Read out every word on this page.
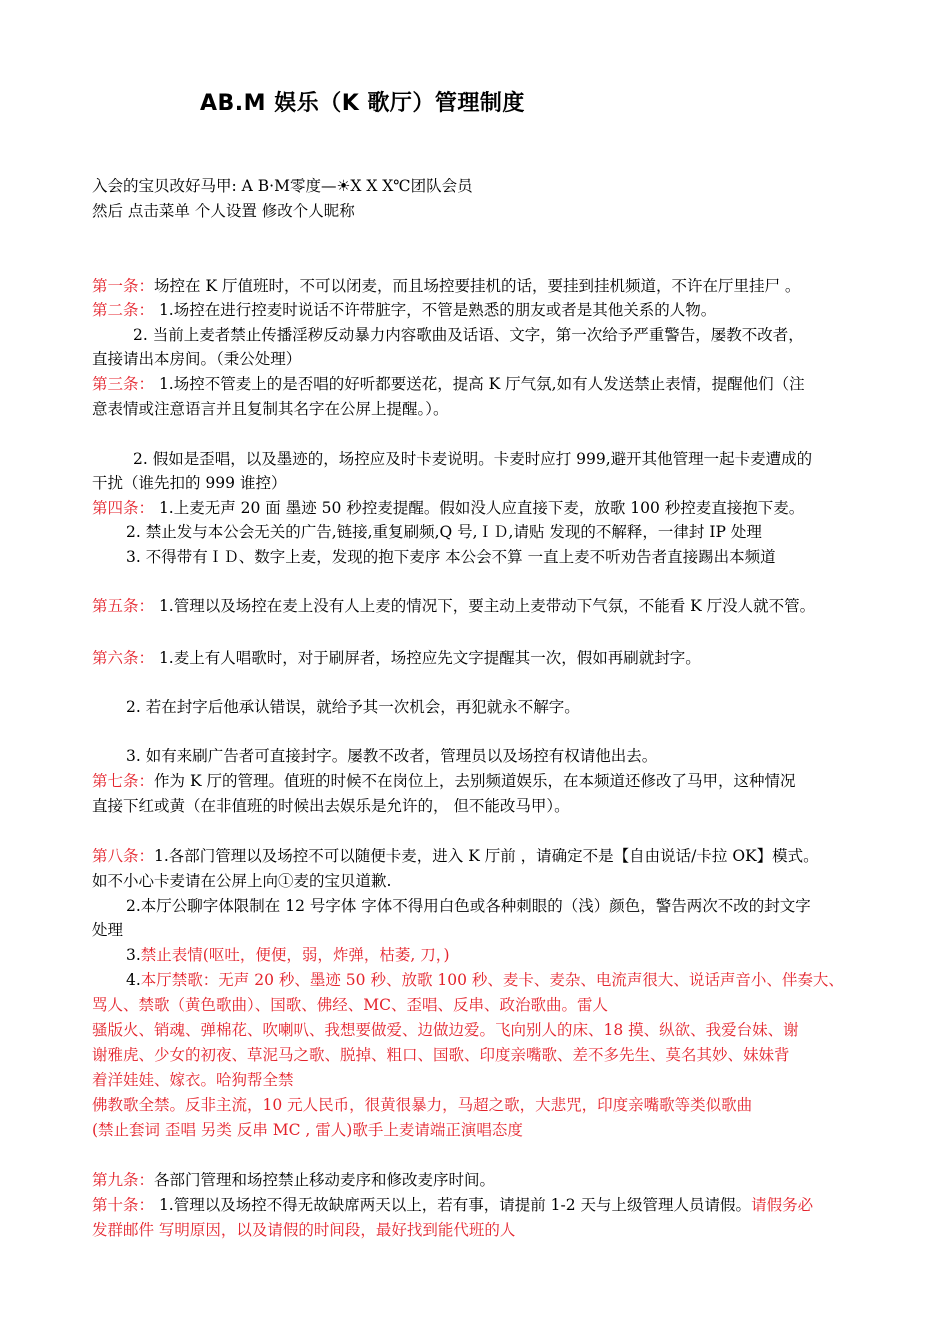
AB.M 娱乐（K 歌厅）管理制度
入会的宝贝改好马甲: A B·M零度—☀X X X℃团队会员
然后 点击菜单 个人设置 修改个人昵称
第一条：场控在 K 厅值班时，不可以闭麦，而且场控要挂机的话，要挂到挂机频道，不许在厅里挂尸 。
第二条： 1.场控在进行控麦时说话不许带脏字，不管是熟悉的朋友或者是其他关系的人物。
2. 当前上麦者禁止传播淫秽反动暴力内容歌曲及话语、文字，第一次给予严重警告，屡教不改者，
直接请出本房间。（秉公处理）
第三条： 1.场控不管麦上的是否唱的好听都要送花，提高 K 厅气氛,如有人发送禁止表情，提醒他们（注
意表情或注意语言并且复制其名字在公屏上提醒。）。
2. 假如是歪唱，以及墨迹的，场控应及时卡麦说明。卡麦时应打 999,避开其他管理一起卡麦遭成的
干扰（谁先扣的 999 谁控）
第四条： 1.上麦无声 20 面 墨迹 50 秒控麦提醒。假如没人应直接下麦，放歌 100 秒控麦直接抱下麦。
2. 禁止发与本公会无关的广告,链接,重复刷频,Q 号,ＩＤ,请贴 发现的不解释，一律封 IP 处理
3. 不得带有ＩＤ、数字上麦，发现的抱下麦序 本公会不算 一直上麦不听劝告者直接踢出本频道
第五条： 1.管理以及场控在麦上没有人上麦的情况下，要主动上麦带动下气氛，不能看 K 厅没人就不管。
第六条： 1.麦上有人唱歌时，对于刷屏者，场控应先文字提醒其一次，假如再刷就封字。
2. 若在封字后他承认错误，就给予其一次机会，再犯就永不解字。
3. 如有来刷广告者可直接封字。屡教不改者，管理员以及场控有权请他出去。
第七条：作为 K 厅的管理。值班的时候不在岗位上，去别频道娱乐，在本频道还修改了马甲，这种情况
直接下红或黄（在非值班的时候出去娱乐是允许的， 但不能改马甲）。
第八条：1.各部门管理以及场控不可以随便卡麦，进入 K 厅前 ，请确定不是【自由说话/卡拉 OK】模式。
如不小心卡麦请在公屏上向①麦的宝贝道歉.
2.本厅公聊字体限制在 12 号字体 字体不得用白色或各种刺眼的（浅）颜色，警告两次不改的封文字
处理
3.禁止表情(呕吐，便便，弱，炸弹，枯萎, 刀，)
4.本厅禁歌：无声 20 秒、墨迹 50 秒、放歌 100 秒、麦卡、麦杂、电流声很大、说话声音小、伴奏大、
骂人、禁歌（黄色歌曲）、国歌、佛经、MC、歪唱、反串、政治歌曲。雷人
骚版火、销魂、弹棉花、吹喇叭、我想要做爱、边做边爱。飞向别人的床、18 摸、纵欲、我爱台妹、谢
谢雅虎、少女的初夜、草泥马之歌、脱掉、粗口、国歌、印度亲嘴歌、差不多先生、莫名其妙、妹妹背
着洋娃娃、嫁衣。哈狗帮全禁
佛教歌全禁。反非主流，10 元人民币，很黄很暴力，马超之歌，大悲咒，印度亲嘴歌等类似歌曲
(禁止套词 歪唱 另类 反串 MC , 雷人)歌手上麦请端正演唱态度
第九条：各部门管理和场控禁止移动麦序和修改麦序时间。
第十条： 1.管理以及场控不得无故缺席两天以上，若有事，请提前 1-2 天与上级管理人员请假。请假务必
发群邮件 写明原因，以及请假的时间段，最好找到能代班的人
